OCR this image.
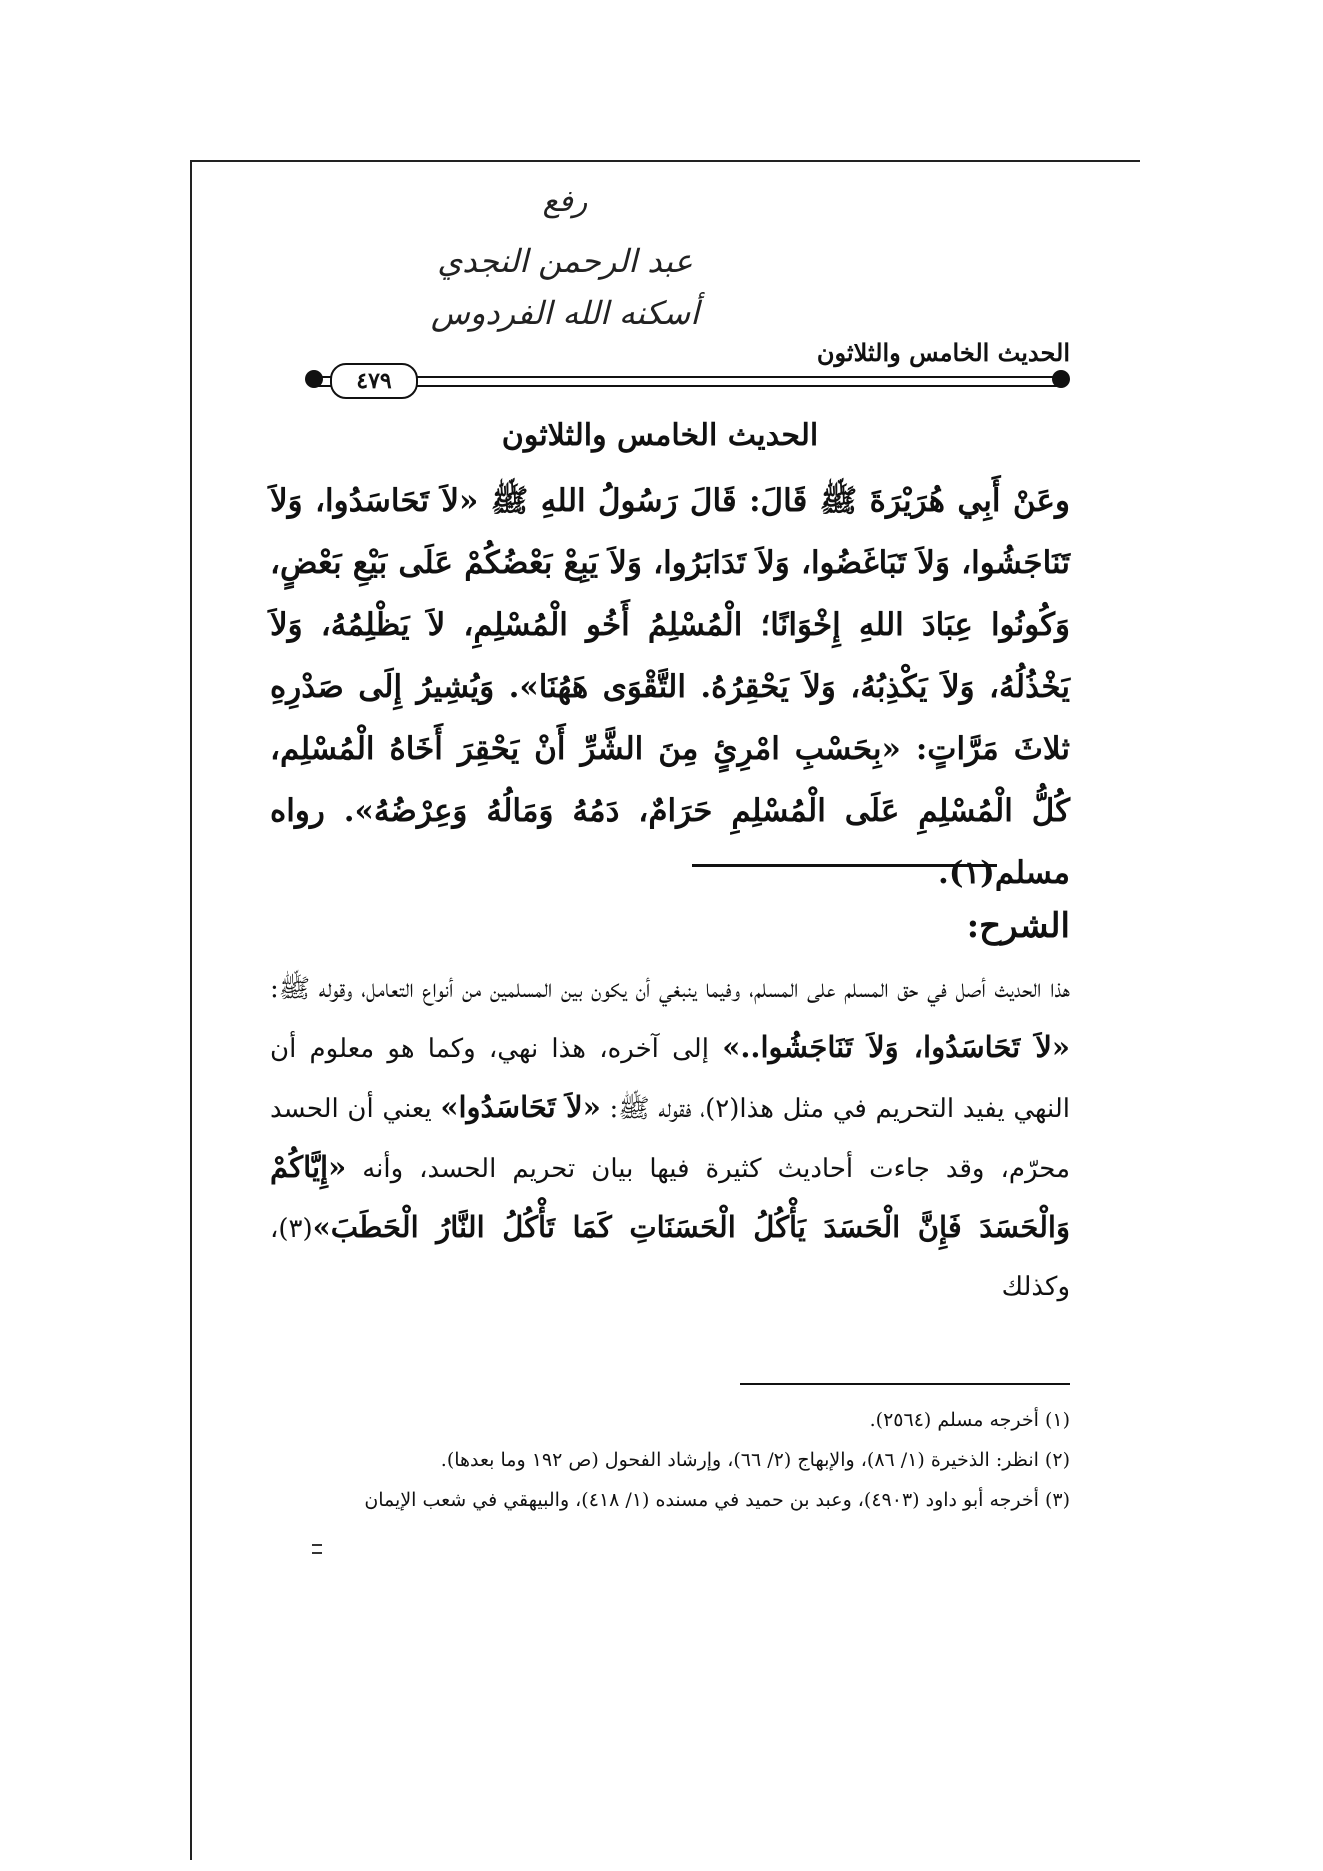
رفع
عبد الرحمن النجدي
أسكنه الله الفردوس
الحديث الخامس والثلاثون
٤٧٩
الحديث الخامس والثلاثون
وعَنْ أَبِي هُرَيْرَةَ ﷺ قَالَ: قَالَ رَسُولُ اللهِ ﷺ «لاَ تَحَاسَدُوا، وَلاَ تَنَاجَشُوا، وَلاَ تَبَاغَضُوا، وَلاَ تَدَابَرُوا، وَلاَ يَبِعْ بَعْضُكُمْ عَلَى بَيْعِ بَعْضٍ، وَكُونُوا عِبَادَ اللهِ إِخْوَانًا؛ الْمُسْلِمُ أَخُو الْمُسْلِمِ، لاَ يَظْلِمُهُ، وَلاَ يَخْذُلُهُ، وَلاَ يَكْذِبُهُ، وَلاَ يَحْقِرُهُ. التَّقْوَى هَهُنَا». وَيُشِيرُ إِلَى صَدْرِهِ ثلاثَ مَرَّاتٍ: «بِحَسْبِ امْرِئٍ مِنَ الشَّرِّ أَنْ يَحْقِرَ أَخَاهُ الْمُسْلِم، كُلُّ الْمُسْلِمِ عَلَى الْمُسْلِمِ حَرَامٌ، دَمُهُ وَمَالُهُ وَعِرْضُهُ». رواه مسلم(١).
الشرح:
هذا الحديث أصل في حق المسلم على المسلم، وفيما ينبغي أن يكون بين المسلمين من أنواع التعامل، وقوله ﷺ: «لاَ تَحَاسَدُوا، وَلاَ تَنَاجَشُوا..» إلى آخره، هذا نهي، وكما هو معلوم أن النهي يفيد التحريم في مثل هذا(٢)، فقوله ﷺ: «لاَ تَحَاسَدُوا» يعني أن الحسد محرّم، وقد جاءت أحاديث كثيرة فيها بيان تحريم الحسد، وأنه «إِيَّاكُمْ وَالْحَسَدَ فَإِنَّ الْحَسَدَ يَأْكُلُ الْحَسَنَاتِ كَمَا تَأْكُلُ النَّارُ الْحَطَبَ»(٣)، وكذلك
(١) أخرجه مسلم (٢٥٦٤).
(٢) انظر: الذخيرة (١/ ٨٦)، والإبهاج (٢/ ٦٦)، وإرشاد الفحول (ص ١٩٢ وما بعدها).
(٣) أخرجه أبو داود (٤٩٠٣)، وعبد بن حميد في مسنده (١/ ٤١٨)، والبيهقي في شعب الإيمان
